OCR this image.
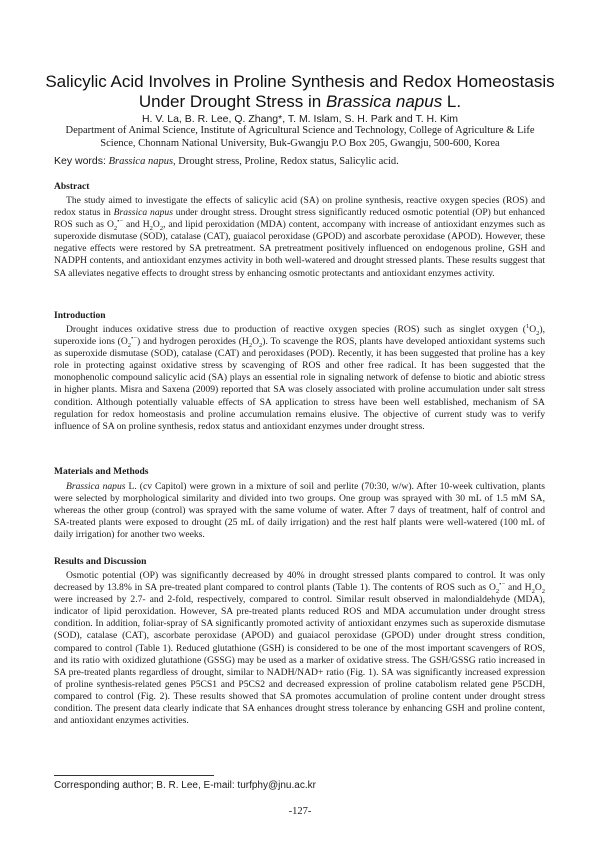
Salicylic Acid Involves in Proline Synthesis and Redox Homeostasis Under Drought Stress in Brassica napus L.
H. V. La, B. R. Lee, Q. Zhang*, T. M. Islam, S. H. Park and T. H. Kim
Department of Animal Science, Institute of Agricultural Science and Technology, College of Agriculture & Life Science, Chonnam National University, Buk-Gwangju P.O Box 205, Gwangju, 500-600, Korea
Key words: Brassica napus, Drought stress, Proline, Redox status, Salicylic acid.
Abstract

The study aimed to investigate the effects of salicylic acid (SA) on proline synthesis, reactive oxygen species (ROS) and redox status in Brassica napus under drought stress. Drought stress significantly reduced osmotic potential (OP) but enhanced ROS such as $O_2^{•-}$ and $H_2O_2$, and lipid peroxidation (MDA) content, accompany with increase of antioxidant enzymes such as superoxide dismutase (SOD), catalase (CAT), guaiacol peroxidase (GPOD) and ascorbate peroxidase (APOD). However, these negative effects were restored by SA pretreatment. SA pretreatment positively influenced on endogenous proline, GSH and NADPH contents, and antioxidant enzymes activity in both well-watered and drought stressed plants. These results suggest that SA alleviates negative effects to drought stress by enhancing osmotic protectants and antioxidant enzymes activity.

Introduction

Drought induces oxidative stress due to production of reactive oxygen species (ROS) such as singlet oxygen $(^1O_2)$, superoxide ions $(O_2^{•-})$ and hydrogen peroxides $(H_2O_2)$. To scavenge the ROS, plants have developed antioxidant systems such as superoxide dismutase (SOD), catalase (CAT) and peroxidases (POD). Recently, it has been suggested that proline has a key role in protecting against oxidative stress by scavenging of ROS and other free radical. It has been suggested that the monophenolic compound salicylic acid (SA) plays an essential role in signaling network of defense to biotic and abiotic stress in higher plants. Misra and Saxena (2009) reported that SA was closely associated with proline accumulation under salt stress condition. Although potentially valuable effects of SA application to stress have been well established, mechanism of SA regulation for redox homeostasis and proline accumulation remains elusive. The objective of current study was to verify influence of SA on proline synthesis, redox status and antioxidant enzymes under drought stress.

Materials and Methods

Brassica napus L. (cv Capitol) were grown in a mixture of soil and perlite (70:30, w/w). After 10-week cultivation, plants were selected by morphological similarity and divided into two groups. One group was sprayed with 30 mL of 1.5 mM SA, whereas the other group (control) was sprayed with the same volume of water. After 7 days of treatment, half of control and SA-treated plants were exposed to drought (25 mL of daily irrigation) and the rest half plants were well-watered (100 mL of daily irrigation) for another two weeks.

Results and Discussion

Osmotic potential (OP) was significantly decreased by 40% in drought stressed plants compared to control. It was only decreased by 13.8% in SA pre-treated plant compared to control plants (Table 1). The contents of ROS such as $O_2^{•-}$ and $H_2O_2$ were increased by 2.7- and 2-fold, respectively, compared to control. Similar result observed in malondialdehyde (MDA), indicator of lipid peroxidation. However, SA pre-treated plants reduced ROS and MDA accumulation under drought stress condition. In addition, foliar-spray of SA significantly promoted activity of antioxidant enzymes such as superoxide dismutase (SOD), catalase (CAT), ascorbate peroxidase (APOD) and guaiacol peroxidase (GPOD) under drought stress condition, compared to control (Table 1). Reduced glutathione (GSH) is considered to be one of the most important scavengers of ROS, and its ratio with oxidized glutathione (GSSG) may be used as a marker of oxidative stress. The GSH/GSSG ratio increased in SA pre-treated plants regardless of drought, similar to NADH/NAD+ ratio (Fig. 1). SA was significantly increased expression of proline synthesis-related genes P5CS1 and P5CS2 and decreased expression of proline catabolism related gene P5CDH, compared to control (Fig. 2). These results showed that SA promotes accumulation of proline content under drought stress condition. The present data clearly indicate that SA enhances drought stress tolerance by enhancing GSH and proline content, and antioxidant enzymes activities.

Corresponding author; B. R. Lee, E-mail: turfphy@jnu.ac.kr
-127-
